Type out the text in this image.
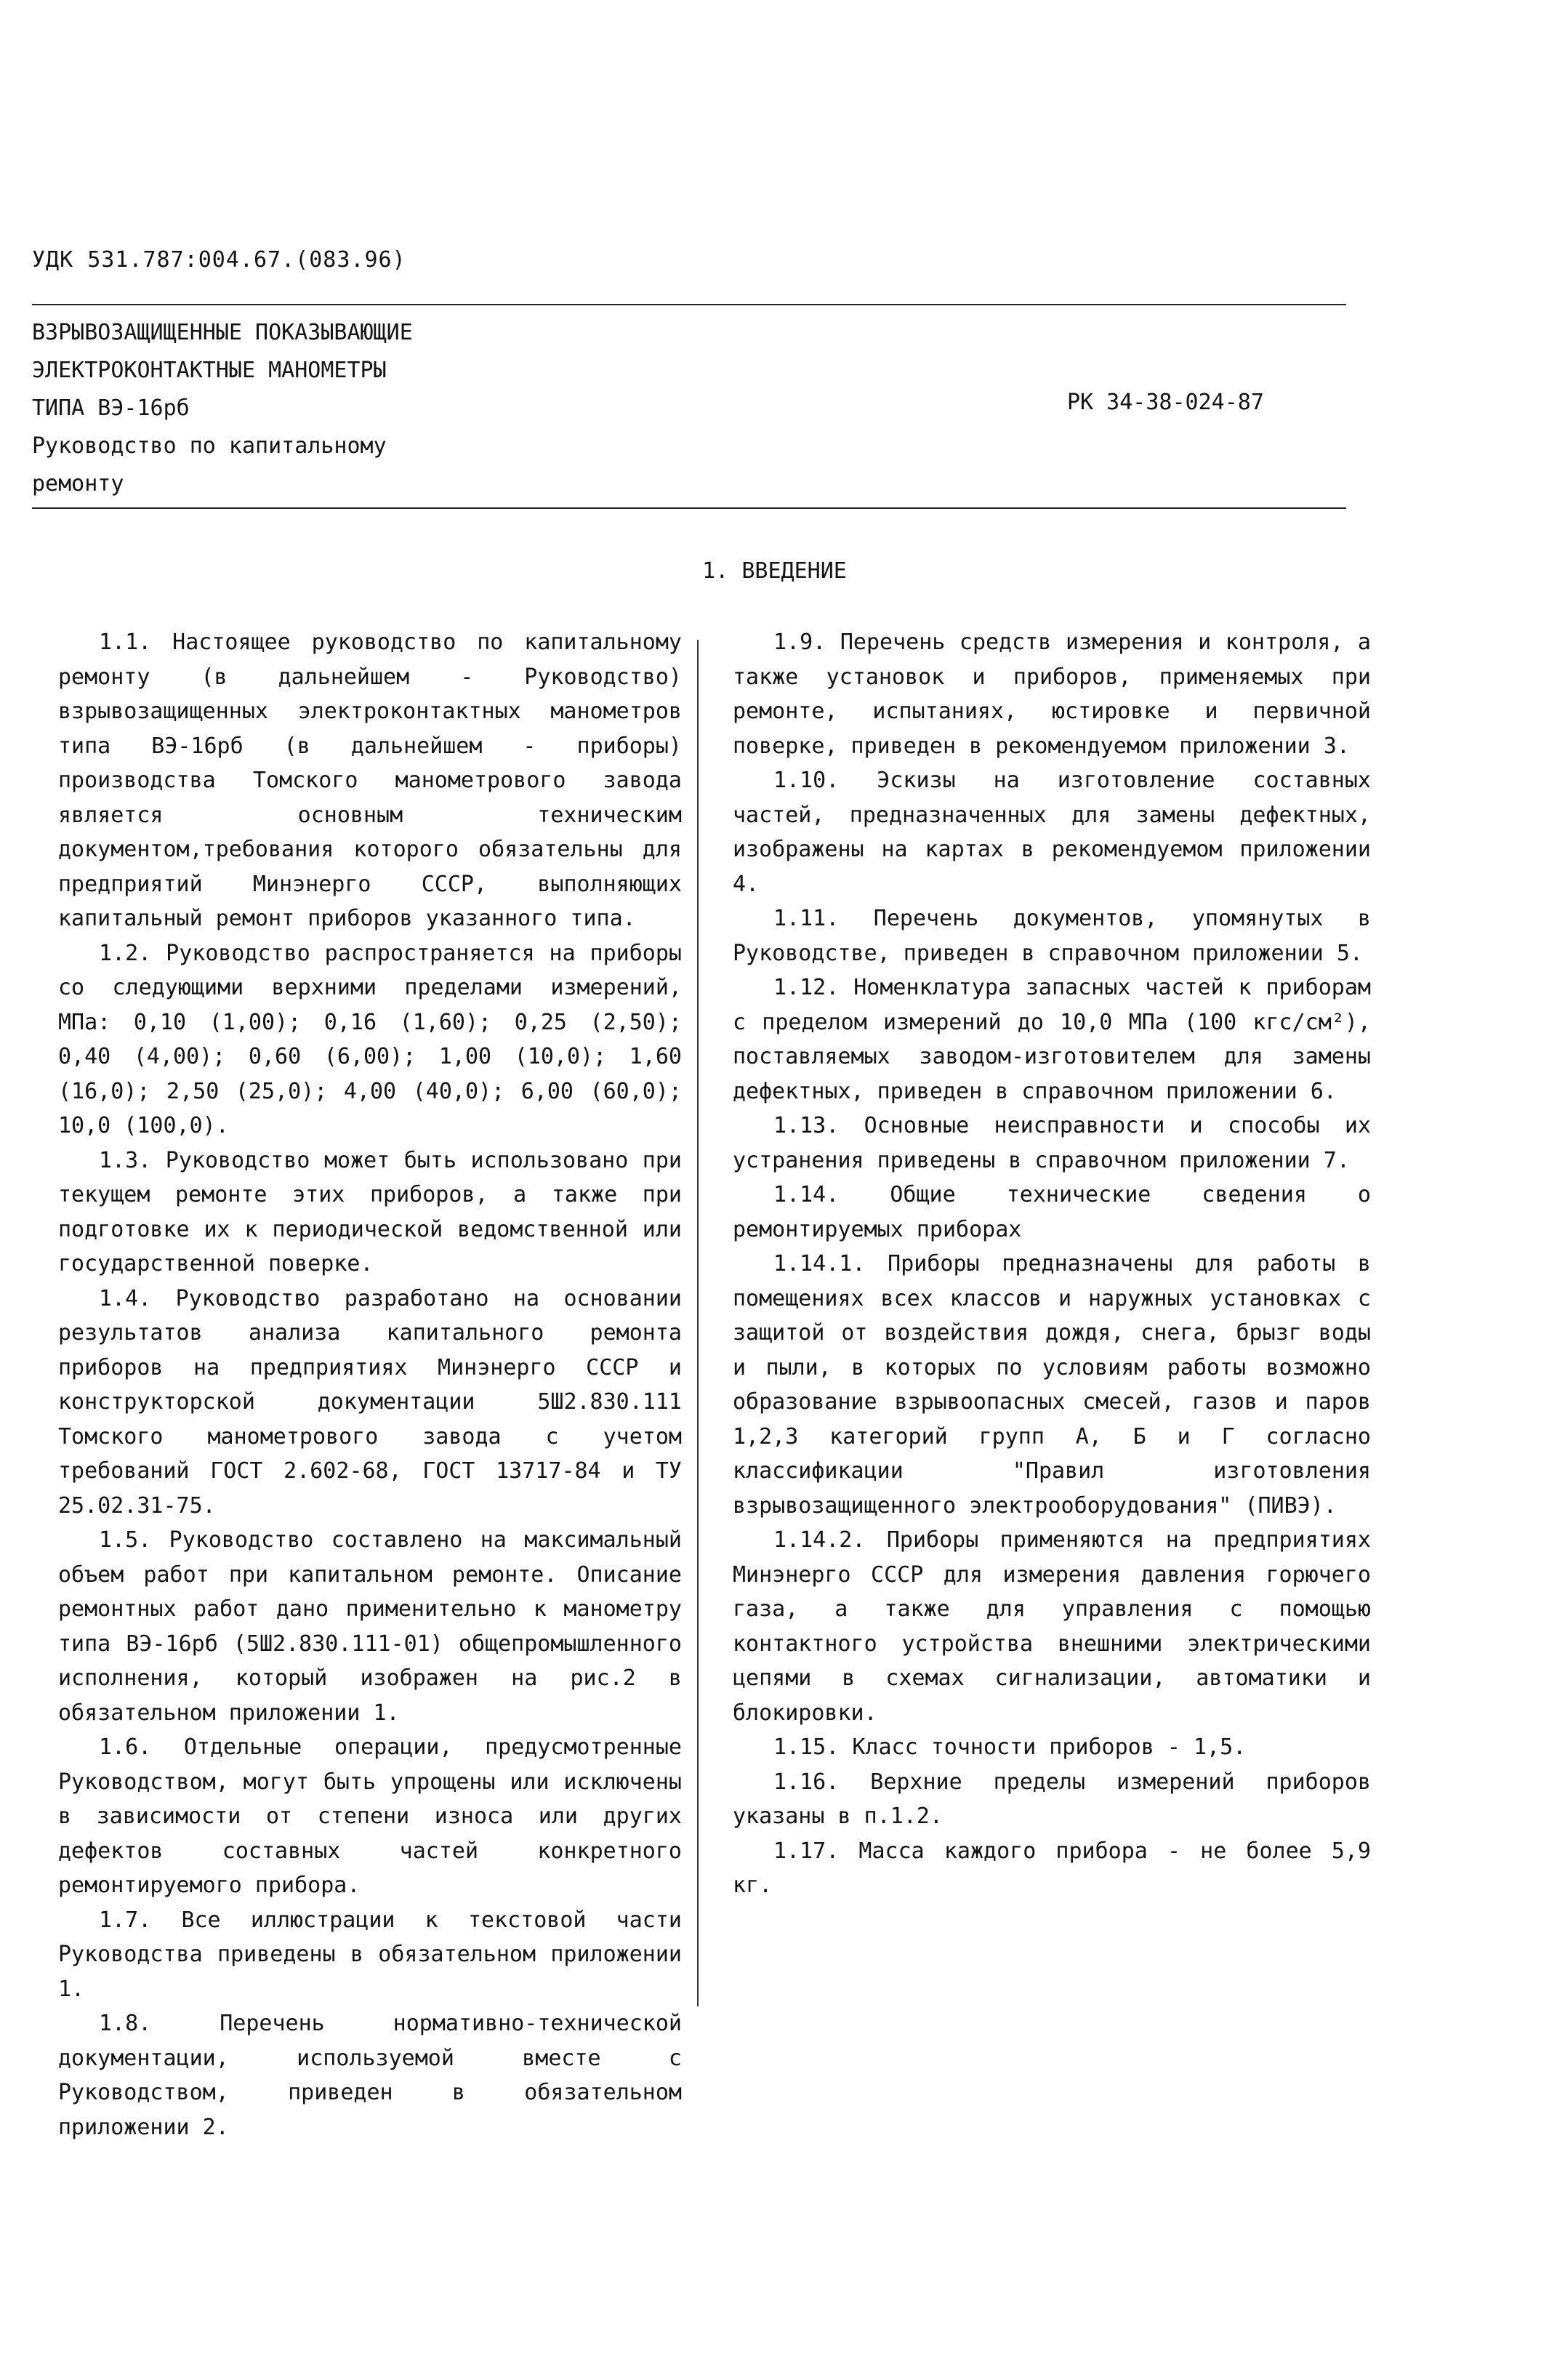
УДК 531.787:004.67.(083.96)
ВЗРЫВОЗАЩИЩЕННЫЕ ПОКАЗЫВАЮЩИЕ
ЭЛЕКТРОКОНТАКТНЫЕ МАНОМЕТРЫ
ТИПА ВЭ-16рб
Руководство по капитальному
ремонту
РК 34-38-024-87
1. ВВЕДЕНИЕ

1.1. Настоящее руководство по капитальному ремонту (в дальнейшем - Руководство) взрывозащищенных электроконтактных манометров типа ВЭ-16рб (в дальнейшем - приборы) производства Томского манометрового завода является основным техническим документом,требования которого обязательны для предприятий Минэнерго СССР, выполняющих капитальный ремонт приборов указанного типа.

1.2. Руководство распространяется на приборы со следующими верхними пределами измерений, МПа: 0,10 (1,00); 0,16 (1,60); 0,25 (2,50); 0,40 (4,00); 0,60 (6,00); 1,00 (10,0); 1,60 (16,0); 2,50 (25,0); 4,00 (40,0); 6,00 (60,0); 10,0 (100,0).

1.3. Руководство может быть использовано при текущем ремонте этих приборов, а также при подготовке их к периодической ведомственной или государственной поверке.

1.4. Руководство разработано на основании результатов анализа капитального ремонта приборов на предприятиях Минэнерго СССР и конструкторской документации 5Ш2.830.111 Томского манометрового завода с учетом требований ГОСТ 2.602-68, ГОСТ 13717-84 и ТУ 25.02.31-75.

1.5. Руководство составлено на максимальный объем работ при капитальном ремонте. Описание ремонтных работ дано применительно к манометру типа ВЭ-16рб (5Ш2.830.111-01) общепромышленного исполнения, который изображен на рис.2 в обязательном приложении 1.

1.6. Отдельные операции, предусмотренные Руководством, могут быть упрощены или исключены в зависимости от степени износа или других дефектов составных частей конкретного ремонтируемого прибора.

1.7. Все иллюстрации к текстовой части Руководства приведены в обязательном приложении 1.

1.8. Перечень нормативно-технической документации, используемой вместе с Руководством, приведен в обязательном приложении 2.

1.9. Перечень средств измерения и контроля, а также установок и приборов, применяемых при ремонте, испытаниях, юстировке и первичной поверке, приведен в рекомендуемом приложении 3.

1.10. Эскизы на изготовление составных частей, предназначенных для замены дефектных, изображены на картах в рекомендуемом приложении 4.

1.11. Перечень документов, упомянутых в Руководстве, приведен в справочном приложении 5.

1.12. Номенклатура запасных частей к приборам с пределом измерений до 10,0 МПа (100 кгс/см²), поставляемых заводом-изготовителем для замены дефектных, приведен в справочном приложении 6.

1.13. Основные неисправности и способы их устранения приведены в справочном приложении 7.

1.14. Общие технические сведения о ремонтируемых приборах

1.14.1. Приборы предназначены для работы в помещениях всех классов и наружных установках с защитой от воздействия дождя, снега, брызг воды и пыли, в которых по условиям работы возможно образование взрывоопасных смесей, газов и паров 1,2,3 категорий групп А, Б и Г согласно классификации "Правил изготовления взрывозащищенного электрооборудования" (ПИВЭ).

1.14.2. Приборы применяются на предприятиях Минэнерго СССР для измерения давления горючего газа, а также для управления с помощью контактного устройства внешними электрическими цепями в схемах сигнализации, автоматики и блокировки.

1.15. Класс точности приборов - 1,5.

1.16. Верхние пределы измерений приборов указаны в п.1.2.

1.17. Масса каждого прибора - не более 5,9 кг.
